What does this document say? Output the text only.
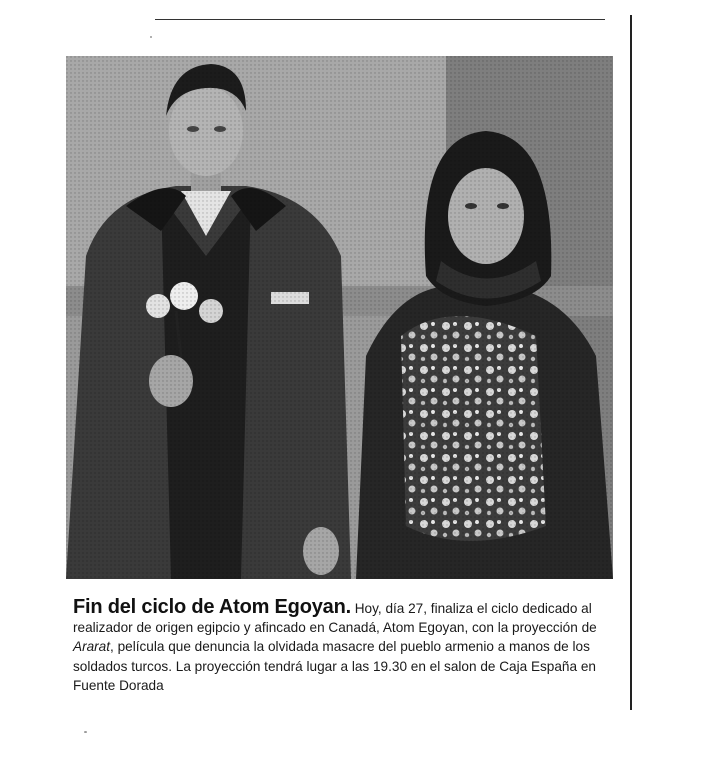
Fin del ciclo de Atom Egoyan. Hoy, día 27, finaliza el ciclo dedicado al realizador de origen egipcio y afincado en Canadá, Atom Egoyan, con la proyección de Ararat, película que denuncia la olvidada masacre del pueblo armenio a manos de los soldados turcos. La proyección tendrá lugar a las 19.30 en el salon de Caja España en Fuente Dorada
